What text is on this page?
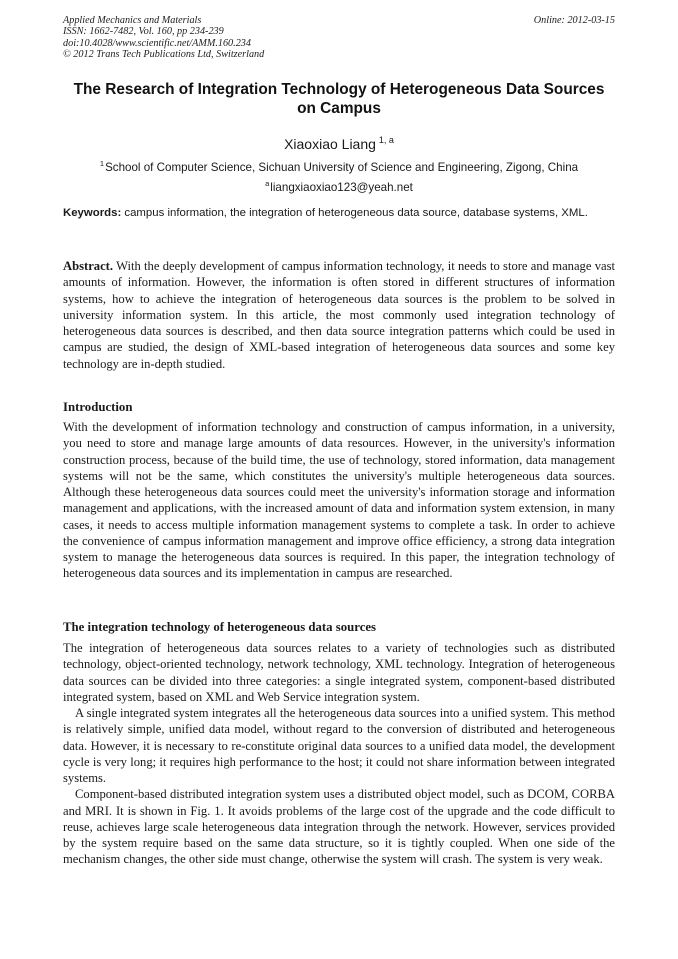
Applied Mechanics and Materials
ISSN: 1662-7482, Vol. 160, pp 234-239
doi:10.4028/www.scientific.net/AMM.160.234
© 2012 Trans Tech Publications Ltd, Switzerland
Online: 2012-03-15
The Research of Integration Technology of Heterogeneous Data Sources on Campus
Xiaoxiao Liang $^{1, a}$
$^1$School of Computer Science, Sichuan University of Science and Engineering, Zigong, China
$^a$liangxiaoxiao123@yeah.net
Keywords: campus information, the integration of heterogeneous data source, database systems, XML.

Abstract. With the deeply development of campus information technology, it needs to store and manage vast amounts of information. However, the information is often stored in different structures of information systems, how to achieve the integration of heterogeneous data sources is the problem to be solved in university information system. In this article, the most commonly used integration technology of heterogeneous data sources is described, and then data source integration patterns which could be used in campus are studied, the design of XML-based integration of heterogeneous data sources and some key technology are in-depth studied.

Introduction

With the development of information technology and construction of campus information, in a university, you need to store and manage large amounts of data resources. However, in the university's information construction process, because of the build time, the use of technology, stored information, data management systems will not be the same, which constitutes the university's multiple heterogeneous data sources. Although these heterogeneous data sources could meet the university's information storage and information management and applications, with the increased amount of data and information system extension, in many cases, it needs to access multiple information management systems to complete a task. In order to achieve the convenience of campus information management and improve office efficiency, a strong data integration system to manage the heterogeneous data sources is required. In this paper, the integration technology of heterogeneous data sources and its implementation in campus are researched.

The integration technology of heterogeneous data sources

The integration of heterogeneous data sources relates to a variety of technologies such as distributed technology, object-oriented technology, network technology, XML technology. Integration of heterogeneous data sources can be divided into three categories: a single integrated system, component-based distributed integrated system, based on XML and Web Service integration system.

A single integrated system integrates all the heterogeneous data sources into a unified system. This method is relatively simple, unified data model, without regard to the conversion of distributed and heterogeneous data. However, it is necessary to re-constitute original data sources to a unified data model, the development cycle is very long; it requires high performance to the host; it could not share information between integrated systems.

Component-based distributed integration system uses a distributed object model, such as DCOM, CORBA and MRI. It is shown in Fig. 1. It avoids problems of the large cost of the upgrade and the code difficult to reuse, achieves large scale heterogeneous data integration through the network. However, services provided by the system require based on the same data structure, so it is tightly coupled. When one side of the mechanism changes, the other side must change, otherwise the system will crash. The system is very weak.
